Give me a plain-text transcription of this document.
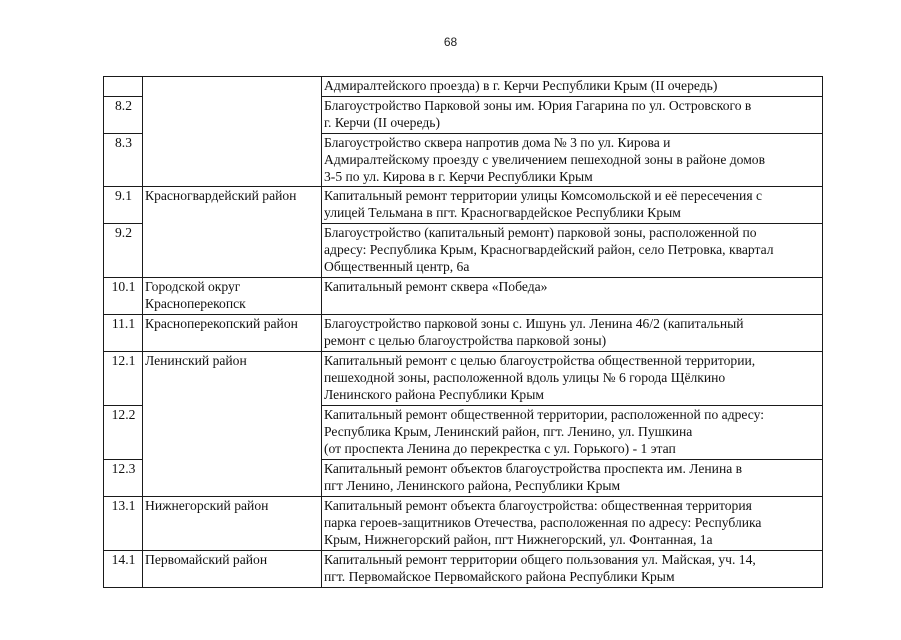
68

		Адмиралтейского проезда) в г. Керчи Республики Крым (II очередь)

8.2		Благоустройство Парковой зоны им. Юрия Гагарина по ул. Островского в
г. Керчи (II очередь)

8.3		Благоустройство сквера напротив дома № 3 по ул. Кирова и
Адмиралтейскому проезду с увеличением пешеходной зоны в районе домов
3-5 по ул. Кирова в г. Керчи Республики Крым

9.1	Красногвардейский район	Капитальный ремонт территории улицы Комсомольской и её пересечения с
улицей Тельмана в пгт. Красногвардейское Республики Крым

9.2		Благоустройство (капитальный ремонт) парковой зоны, расположенной по
адресу: Республика Крым, Красногвардейский район, село Петровка, квартал
Общественный центр, 6а

10.1	Городской округ Красноперекопск	Капитальный ремонт сквера «Победа»

11.1	Красноперекопский район	Благоустройство парковой зоны с. Ишунь ул. Ленина 46/2 (капитальный
ремонт с целью благоустройства парковой зоны)

12.1	Ленинский район	Капитальный ремонт с целью благоустройства общественной территории,
пешеходной зоны, расположенной вдоль улицы № 6 города Щёлкино
Ленинского района Республики Крым

12.2		Капитальный ремонт общественной территории, расположенной по адресу:
Республика Крым, Ленинский район, пгт. Ленино, ул. Пушкина
(от проспекта Ленина до перекрестка с ул. Горького) - 1 этап

12.3		Капитальный ремонт объектов благоустройства проспекта им. Ленина в
пгт Ленино, Ленинского района, Республики Крым

13.1	Нижнегорский район	Капитальный ремонт объекта благоустройства: общественная территория
парка героев-защитников Отечества, расположенная по адресу: Республика
Крым, Нижнегорский район, пгт Нижнегорский, ул. Фонтанная, 1а

14.1	Первомайский район	Капитальный ремонт территории общего пользования ул. Майская, уч. 14,
пгт. Первомайское Первомайского района Республики Крым
